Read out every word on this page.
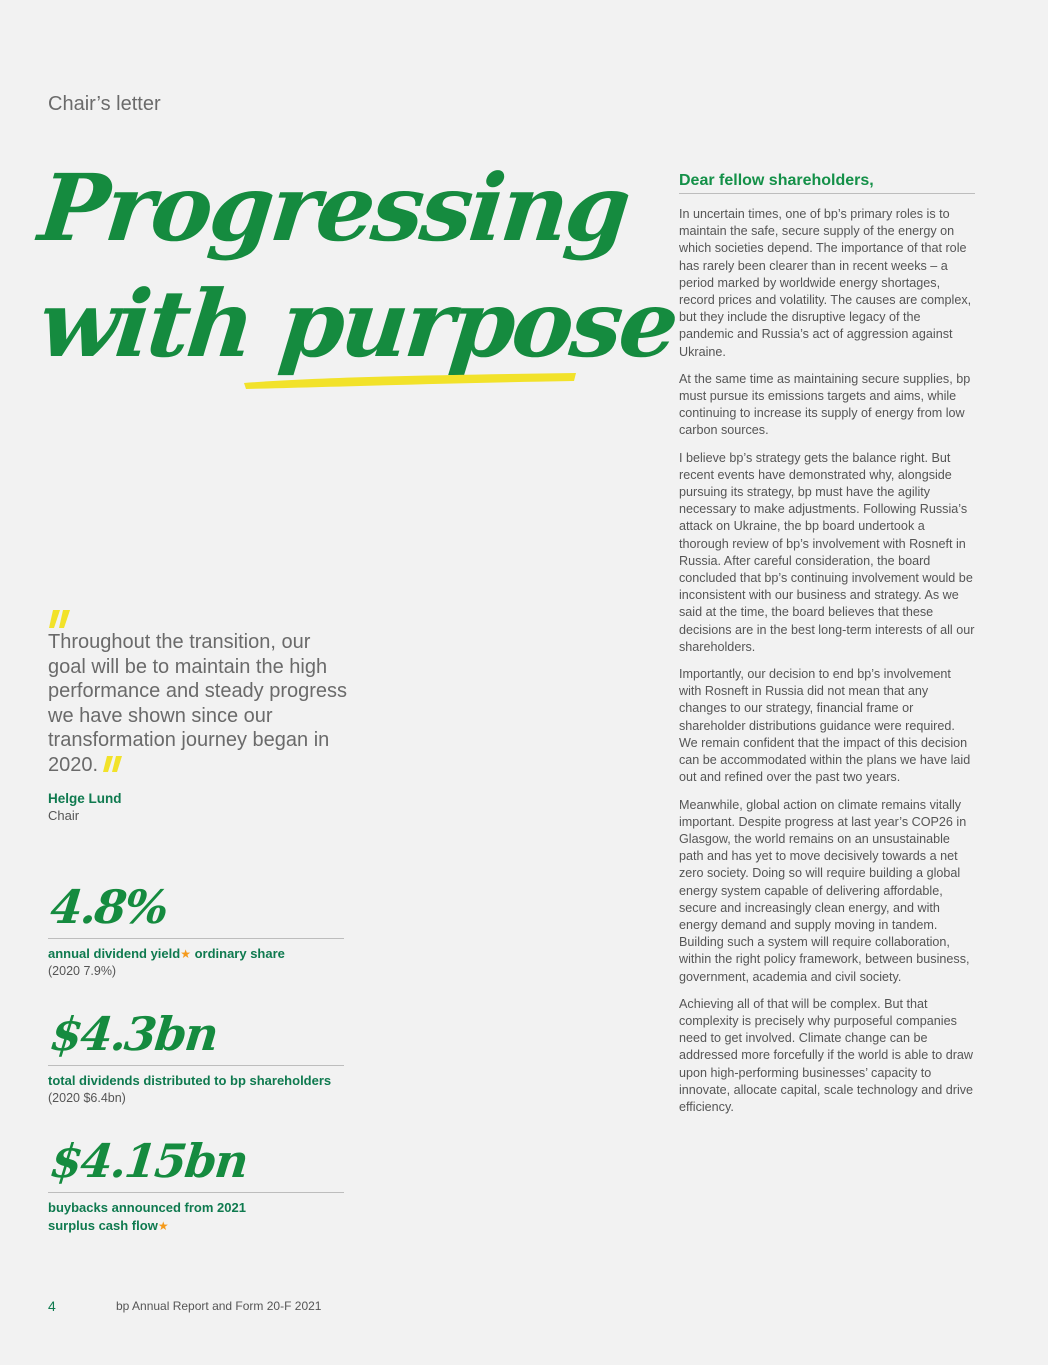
Chair’s letter
Progressing
with purpose

Throughout the transition, our goal will be to maintain the high performance and steady progress we have shown since our transformation journey began in 2020.

Helge Lund
Chair
4.8%
annual dividend yield★ ordinary share
(2020 7.9%)
$4.3bn
total dividends distributed to bp shareholders
(2020 $6.4bn)
$4.15bn
buybacks announced from 2021
surplus cash flow★
Dear fellow shareholders,

In uncertain times, one of bp’s primary roles is to maintain the safe, secure supply of the energy on which societies depend. The importance of that role has rarely been clearer than in recent weeks – a period marked by worldwide energy shortages, record prices and volatility. The causes are complex, but they include the disruptive legacy of the pandemic and Russia’s act of aggression against Ukraine.

At the same time as maintaining secure supplies, bp must pursue its emissions targets and aims, while continuing to increase its supply of energy from low carbon sources.

I believe bp’s strategy gets the balance right. But recent events have demonstrated why, alongside pursuing its strategy, bp must have the agility necessary to make adjustments. Following Russia’s attack on Ukraine, the bp board undertook a thorough review of bp’s involvement with Rosneft in Russia. After careful consideration, the board concluded that bp’s continuing involvement would be inconsistent with our business and strategy. As we said at the time, the board believes that these decisions are in the best long-term interests of all our shareholders.

Importantly, our decision to end bp’s involvement with Rosneft in Russia did not mean that any changes to our strategy, financial frame or shareholder distributions guidance were required. We remain confident that the impact of this decision can be accommodated within the plans we have laid out and refined over the past two years.

Meanwhile, global action on climate remains vitally important. Despite progress at last year’s COP26 in Glasgow, the world remains on an unsustainable path and has yet to move decisively towards a net zero society. Doing so will require building a global energy system capable of delivering affordable, secure and increasingly clean energy, and with energy demand and supply moving in tandem. Building such a system will require collaboration, within the right policy framework, between business, government, academia and civil society.

Achieving all of that will be complex. But that complexity is precisely why purposeful companies need to get involved. Climate change can be addressed more forcefully if the world is able to draw upon high-performing businesses’ capacity to innovate, allocate capital, scale technology and drive efficiency.

4	bp Annual Report and Form 20-F 2021
